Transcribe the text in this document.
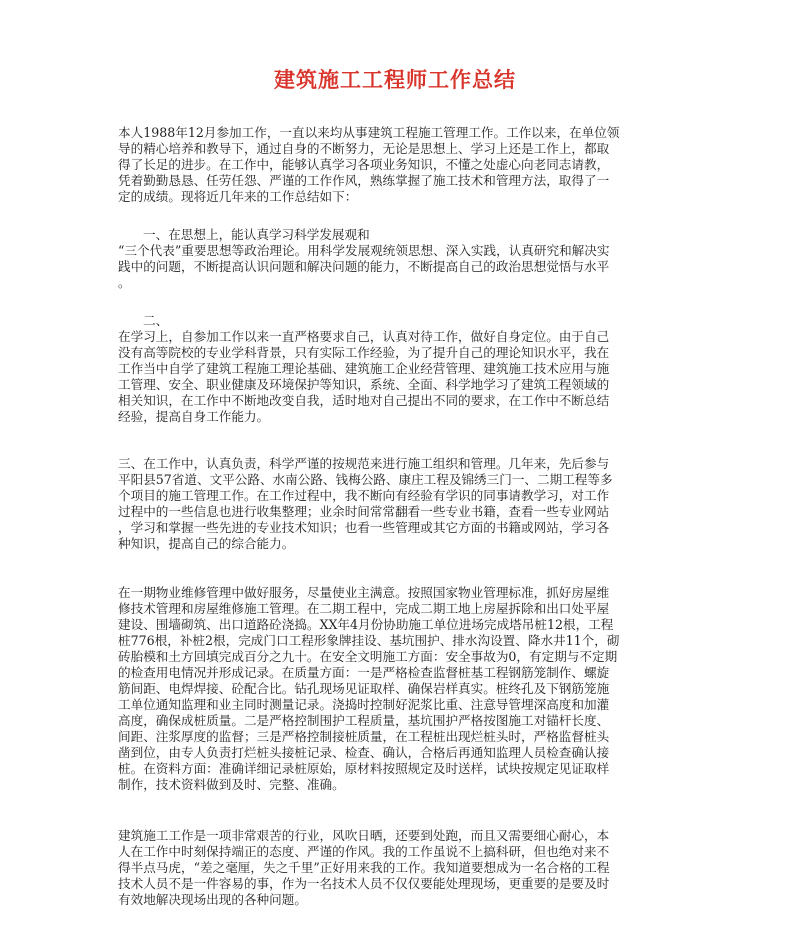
建筑施工工程师工作总结

本人1988年12月参加工作，一直以来均从事建筑工程施工管理工作。工作以来，在单位领

导的精心培养和教导下，通过自身的不断努力，无论是思想上、学习上还是工作上，都取

得了长足的进步。在工作中，能够认真学习各项业务知识，不懂之处虚心向老同志请教，

凭着勤勤恳恳、任劳任怨、严谨的工作作风，熟练掌握了施工技术和管理方法，取得了一

定的成绩。现将近几年来的工作总结如下：

一、在思想上，能认真学习科学发展观和

“三个代表”重要思想等政治理论。用科学发展观统领思想、深入实践，认真研究和解决实

践中的问题，不断提高认识问题和解决问题的能力，不断提高自己的政治思想觉悟与水平

。

二、

在学习上，自参加工作以来一直严格要求自己，认真对待工作，做好自身定位。由于自己

没有高等院校的专业学科背景，只有实际工作经验，为了提升自己的理论知识水平，我在

工作当中自学了建筑工程施工理论基础、建筑施工企业经营管理、建筑施工技术应用与施

工管理、安全、职业健康及环境保护等知识，系统、全面、科学地学习了建筑工程领域的

相关知识，在工作中不断地改变自我，适时地对自己提出不同的要求，在工作中不断总结

经验，提高自身工作能力。

三、在工作中，认真负责，科学严谨的按规范来进行施工组织和管理。几年来，先后参与

平阳县57省道、文平公路、水南公路、钱梅公路、康庄工程及锦绣三门一、二期工程等多

个项目的施工管理工作。在工作过程中，我不断向有经验有学识的同事请教学习，对工作

过程中的一些信息也进行收集整理；业余时间常常翻看一些专业书籍，查看一些专业网站

，学习和掌握一些先进的专业技术知识；也看一些管理或其它方面的书籍或网站，学习各

种知识，提高自己的综合能力。

在一期物业维修管理中做好服务，尽量使业主满意。按照国家物业管理标准，抓好房屋维

修技术管理和房屋维修施工管理。在二期工程中，完成二期工地上房屋拆除和出口处平屋

建设、围墙砌筑、出口道路砼浇捣。XX年4月份协助施工单位进场完成塔吊桩12根，工程

桩776根，补桩2根，完成门口工程形象牌挂设、基坑围护、排水沟设置、降水井11个，砌

砖胎模和土方回填完成百分之九十。在安全文明施工方面：安全事故为0，有定期与不定期

的检查用电情况并形成记录。在质量方面：一是严格检查监督桩基工程钢筋笼制作、螺旋

筋间距、电焊焊接、砼配合比。钻孔现场见证取样、确保岩样真实。桩终孔及下钢筋笼施

工单位通知监理和业主同时测量记录。浇捣时控制好泥浆比重、注意导管埋深高度和加灌

高度，确保成桩质量。二是严格控制围护工程质量，基坑围护严格按图施工对锚杆长度、

间距、注浆厚度的监督；三是严格控制接桩质量，在工程桩出现烂桩头时，严格监督桩头

凿到位，由专人负责打烂桩头接桩记录、检查、确认，合格后再通知监理人员检查确认接

桩。在资料方面：准确详细记录桩原始，原材料按照规定及时送样，试块按规定见证取样

制作，技术资料做到及时、完整、准确。

建筑施工工作是一项非常艰苦的行业，风吹日晒，还要到处跑，而且又需要细心耐心，本

人在工作中时刻保持端正的态度、严谨的作风。我的工作虽说不上搞科研，但也绝对来不

得半点马虎，“差之毫厘，失之千里”正好用来我的工作。我知道要想成为一名合格的工程

技术人员不是一件容易的事，作为一名技术人员不仅仅要能处理现场，更重要的是要及时

有效地解决现场出现的各种问题。
